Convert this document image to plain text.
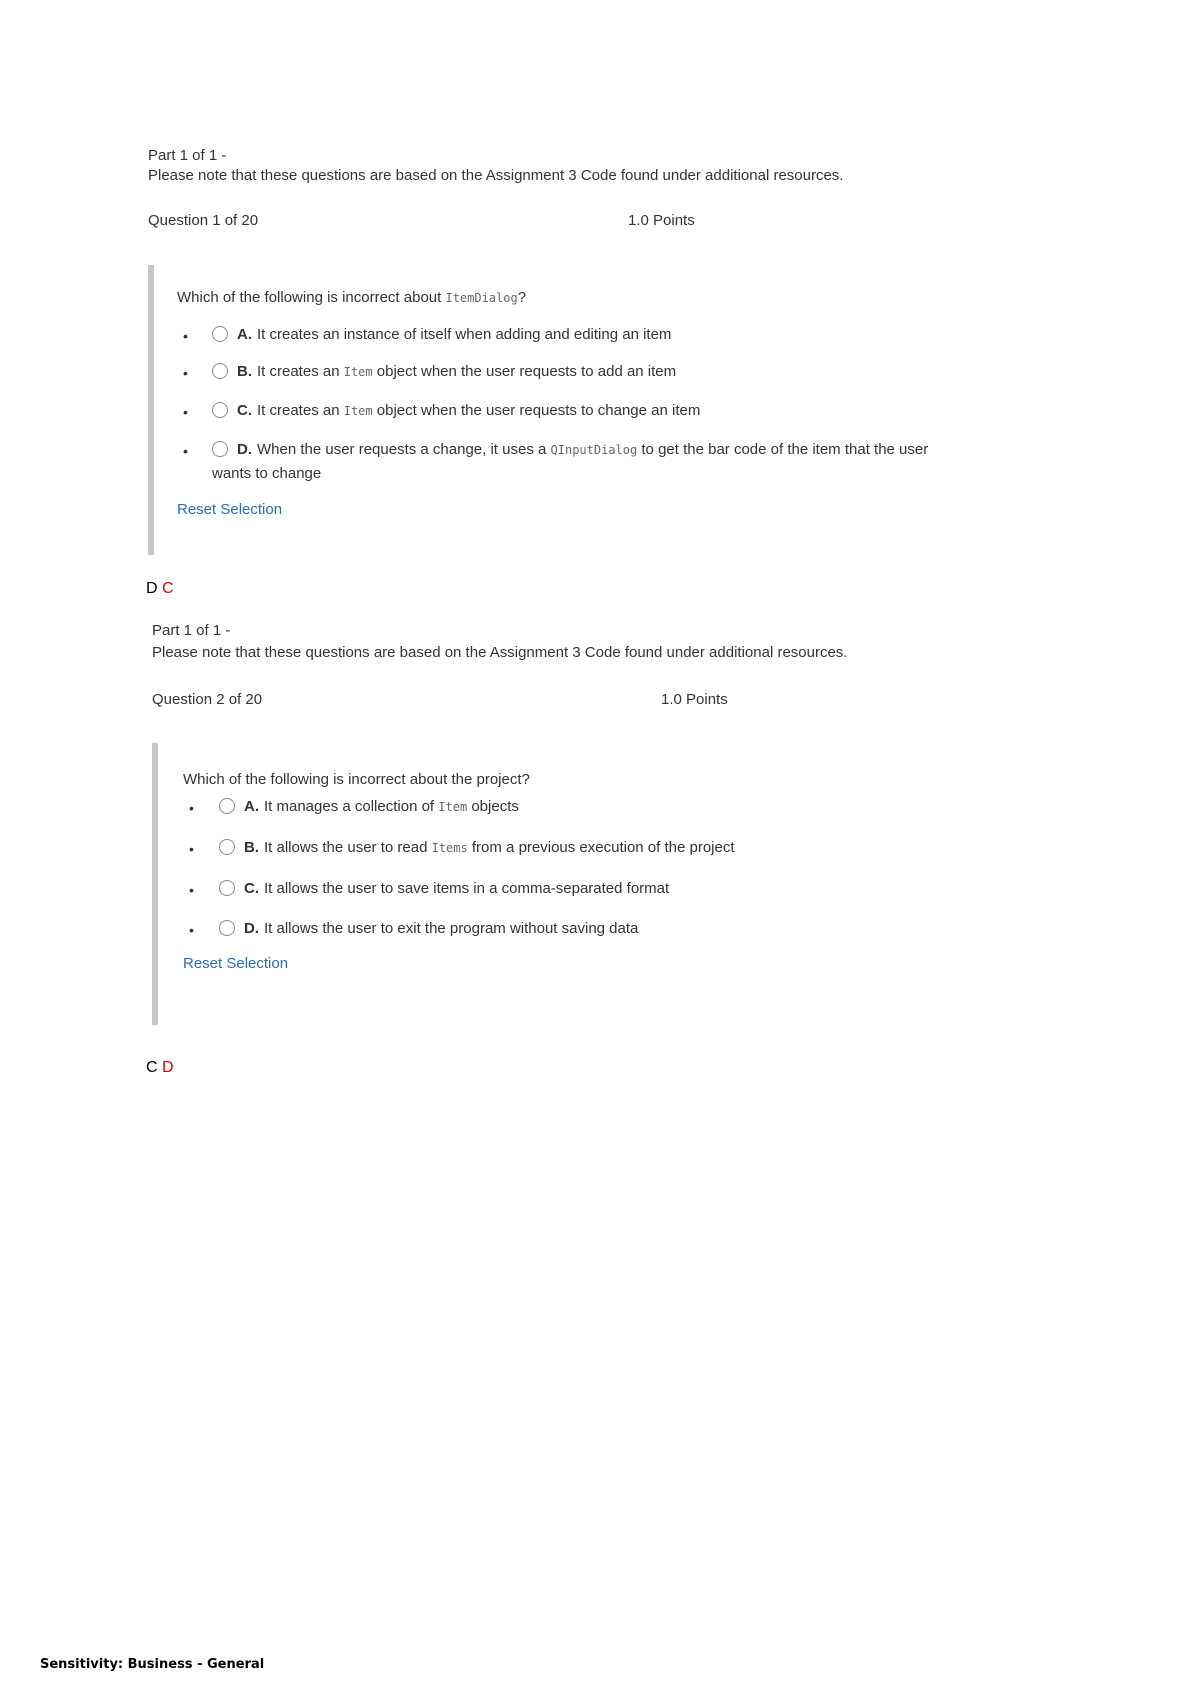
Part 1 of 1 -
Please note that these questions are based on the Assignment 3 Code found under additional resources.
Question 1 of 20	1.0 Points
Which of the following is incorrect about ItemDialog?
•	A. It creates an instance of itself when adding and editing an item
•	B. It creates an Item object when the user requests to add an item
•	C. It creates an Item object when the user requests to change an item
•	D. When the user requests a change, it uses a QInputDialog to get the bar code of the item that the user
wants to change
Reset Selection
D C
Part 1 of 1 -
Please note that these questions are based on the Assignment 3 Code found under additional resources.
Question 2 of 20	1.0 Points
Which of the following is incorrect about the project?
•	A. It manages a collection of Item objects
•	B. It allows the user to read Items from a previous execution of the project
•	C. It allows the user to save items in a comma-separated format
•	D. It allows the user to exit the program without saving data
Reset Selection
C D
Sensitivity: Business - General
